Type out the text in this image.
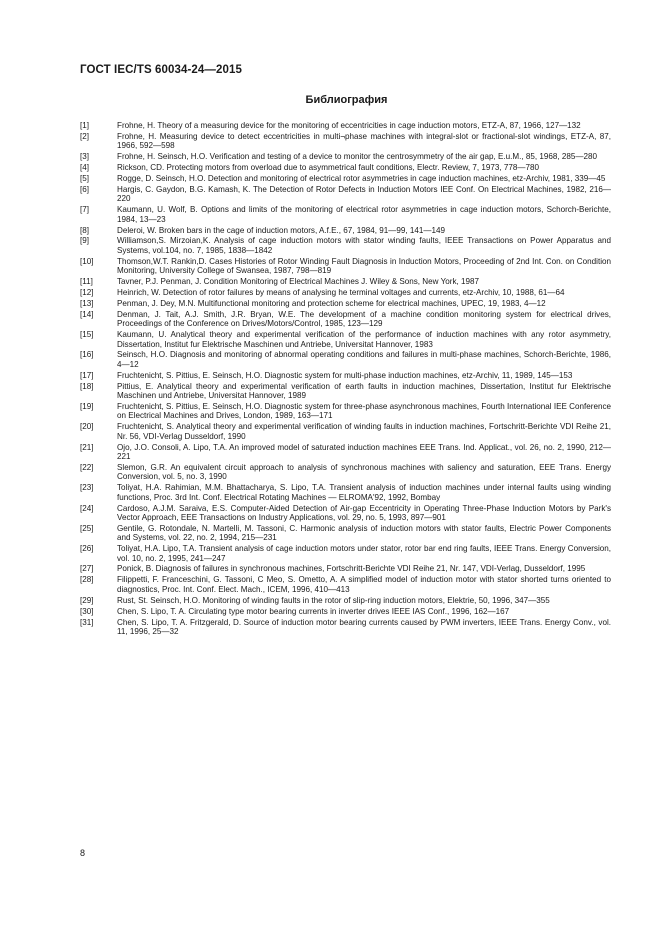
ГОСТ IEC/TS 60034-24—2015
Библиография
[1]	Frohne, H. Theory of a measuring device for the monitoring of eccentricities in cage induction motors, ETZ-A, 87, 1966, 127—132
[2]	Frohne, H. Measuring device to detect eccentricities in multi¬phase machines with integral-slot or fractional-slot windings, ETZ-A, 87, 1966, 592—598
[3]	Frohne, H. Seinsch, H.O. Verification and testing of a device to monitor the centrosymmetry of the air gap, E.u.M., 85, 1968, 285—280
[4]	Rickson, CD. Protecting motors from overload due to asymmetrical fault conditions, Electr. Review, 7, 1973, 778—780
[5]	Rogge, D. Seinsch, H.O. Detection and monitoring of electrical rotor asymmetries in cage induction machines, etz-Archiv, 1981, 339—45
[6]	Hargis, C. Gaydon, B.G. Kamash, K. The Detection of Rotor Defects in Induction Motors IEE Conf. On Electrical Machines, 1982, 216—220
[7]	Kaumann, U. Wolf, B. Options and limits of the monitoring of electrical rotor asymmetries in cage induction motors, Schorch-Berichte, 1984, 13—23
[8]	Deleroi, W. Broken bars in the cage of induction motors, A.f.E., 67, 1984, 91—99, 141—149
[9]	Williamson,S. Mirzoian,K. Analysis of cage induction motors with stator winding faults, IEEE Transactions on Power Apparatus and Systems, vol.104, no. 7, 1985, 1838—1842
[10]	Thomson,W.T. Rankin,D. Cases Histories of Rotor Winding Fault Diagnosis in Induction Motors, Proceeding of 2nd Int. Con. on Condition Monitoring, University College of Swansea, 1987, 798—819
[11]	Tavner, P.J. Penman, J. Condition Monitoring of Electrical Machines J. Wiley & Sons, New York, 1987
[12]	Heinrich, W. Detection of rotor failures by means of analysing he terminal voltages and currents, etz-Archiv, 10, 1988, 61—64
[13]	Penman, J. Dey, M.N. Multifunctional monitoring and protection scheme for electrical machines, UPEC, 19, 1983, 4—12
[14]	Denman, J. Tait, A.J. Smith, J.R. Bryan, W.E. The development of a machine condition monitoring system for electrical drives, Proceedings of the Conference on Drives/Motors/Control, 1985, 123—129
[15]	Kaumann, U. Analytical theory and experimental verification of the performance of induction machines with any rotor asymmetry, Dissertation, Institut fur Elektrische Maschinen und Antriebe, Universitat Hannover, 1983
[16]	Seinsch, H.O. Diagnosis and monitoring of abnormal operating conditions and failures in multi-phase machines, Schorch-Berichte, 1986, 4—12
[17]	Fruchtenicht, S. Pittius, E. Seinsch, H.O. Diagnostic system for multi-phase induction machines, etz-Archiv, 11, 1989, 145—153
[18]	Pittius, E. Analytical theory and experimental verification of earth faults in induction machines, Dissertation, Institut fur Elektrische Maschinen und Antriebe, Universitat Hannover, 1989
[19]	Fruchtenicht, S. Pittius, E. Seinsch, H.O. Diagnostic system for three-phase asynchronous machines, Fourth International IEE Conference on Electrical Machines and Drives, London, 1989, 163—171
[20]	Fruchtenicht, S. Analytical theory and experimental verification of winding faults in induction machines, Fortschritt-Berichte VDI Reihe 21, Nr. 56, VDI-Verlag Dusseldorf, 1990
[21]	Ojo, J.O. Consoli, A. Lipo, T.A. An improved model of saturated induction machines EEE Trans. Ind. Applicat., vol. 26, no. 2, 1990, 212—221
[22]	Slemon, G.R. An equivalent circuit approach to analysis of synchronous machines with saliency and saturation, EEE Trans. Energy Conversion, vol. 5, no. 3, 1990
[23]	Toliyat, H.A. Rahimian, M.M. Bhattacharya, S. Lipo, T.A. Transient analysis of induction machines under internal faults using winding functions, Proc. 3rd Int. Conf. Electrical Rotating Machines — ELROMA'92, 1992, Bombay
[24]	Cardoso, A.J.M. Saraiva, E.S. Computer-Aided Detection of Air-gap Eccentricity in Operating Three-Phase Induction Motors by Park's Vector Approach, EEE Transactions on Industry Applications, vol. 29, no. 5, 1993, 897—901
[25]	Gentile, G. Rotondale, N. Martelli, M. Tassoni, C. Harmonic analysis of induction motors with stator faults, Electric Power Components and Systems, vol. 22, no. 2, 1994, 215—231
[26]	Toliyat, H.A. Lipo, T.A. Transient analysis of cage induction motors under stator, rotor bar end ring faults, IEEE Trans. Energy Conversion, vol. 10, no. 2, 1995, 241—247
[27]	Ponick, B. Diagnosis of failures in synchronous machines, Fortschritt-Berichte VDI Reihe 21, Nr. 147, VDI-Verlag, Dusseldorf, 1995
[28]	Filippetti, F. Franceschini, G. Tassoni, C Meo, S. Ometto, A. A simplified model of induction motor with stator shorted turns oriented to diagnostics, Proc. Int. Conf. Elect. Mach., ICEM, 1996, 410—413
[29]	Rust, St. Seinsch, H.O. Monitoring of winding faults in the rotor of slip-ring induction motors, Elektrie, 50, 1996, 347—355
[30]	Chen, S. Lipo, T. A. Circulating type motor bearing currents in inverter drives IEEE IAS Conf., 1996, 162—167
[31]	Chen, S. Lipo, T. A. Fritzgerald, D. Source of induction motor bearing currents caused by PWM inverters, IEEE Trans. Energy Conv., vol. 11, 1996, 25—32
8
